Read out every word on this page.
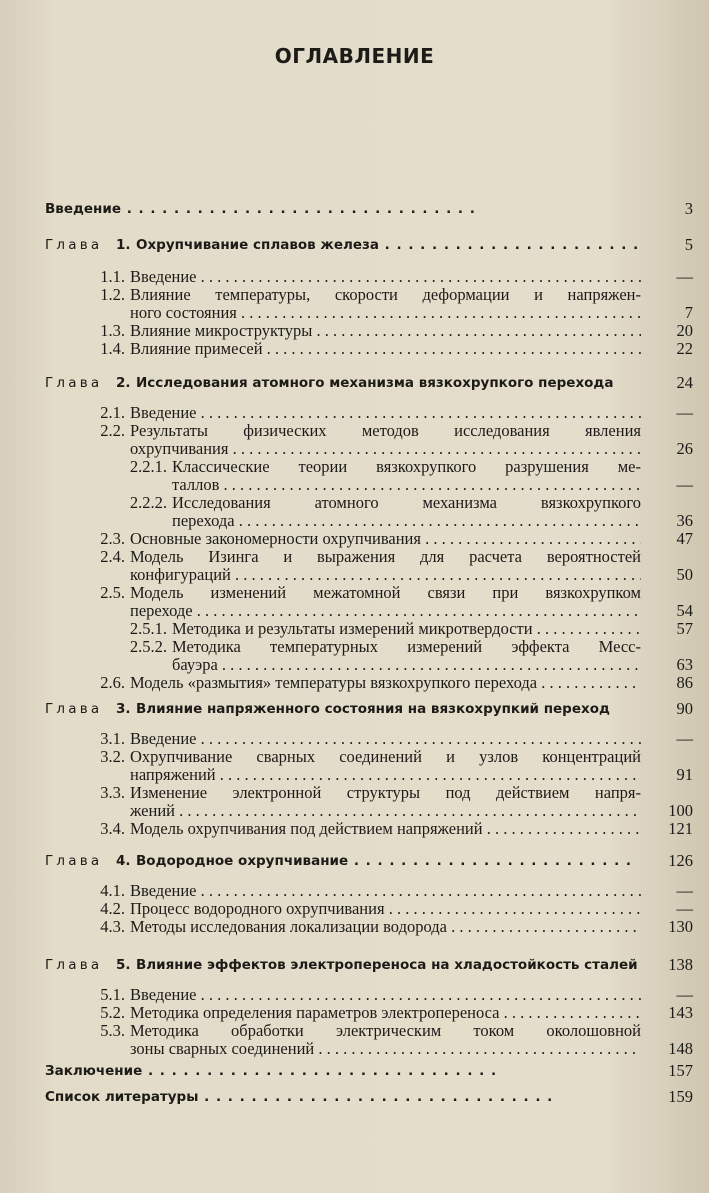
ОГЛАВЛЕНИЕ
Введение . .	3
Глава 1. Охрупчивание сплавов железа . .	5
1.1. Введение . . .	—
1.2. Влияние температуры, скорости деформации и напряжен-
ного состояния . . .	7
1.3. Влияние микроструктуры . . .	20
1.4. Влияние примесей . . .	22
Глава 2. Исследования атомного механизма вязкохрупкого перехода	24
2.1. Введение . . .	—
2.2. Результаты физических методов исследования явления
охрупчивания . . .	26
2.2.1. Классические теории вязкохрупкого разрушения ме-
таллов . . .	—
2.2.2. Исследования атомного механизма вязкохрупкого
перехода . . .	36
2.3. Основные закономерности охрупчивания . . .	47
2.4. Модель Изинга и выражения для расчета вероятностей
конфигураций . . .	50
2.5. Модель изменений межатомной связи при вязкохрупком
переходе . . .	54
2.5.1. Методика и результаты измерений микротвердости . . .	57
2.5.2. Методика температурных измерений эффекта Месс-
бауэра . . .	63
2.6. Модель «размытия» температуры вязкохрупкого перехода . . .	86
Глава 3. Влияние напряженного состояния на вязкохрупкий переход	90
3.1. Введение . . .	—
3.2. Охрупчивание сварных соединений и узлов концентраций
напряжений . . .	91
3.3. Изменение электронной структуры под действием напря-
жений . . .	100
3.4. Модель охрупчивания под действием напряжений . . .	121
Глава 4. Водородное охрупчивание . .	126
4.1. Введение . . .	—
4.2. Процесс водородного охрупчивания . . .	—
4.3. Методы исследования локализации водорода . . .	130
Глава 5. Влияние эффектов электропереноса на хладостойкость сталей	138
5.1. Введение . . .	—
5.2. Методика определения параметров электропереноса . . .	143
5.3. Методика обработки электрическим током околошовной
зоны сварных соединений . . .	148
Заключение . .	157
Список литературы . .	159
